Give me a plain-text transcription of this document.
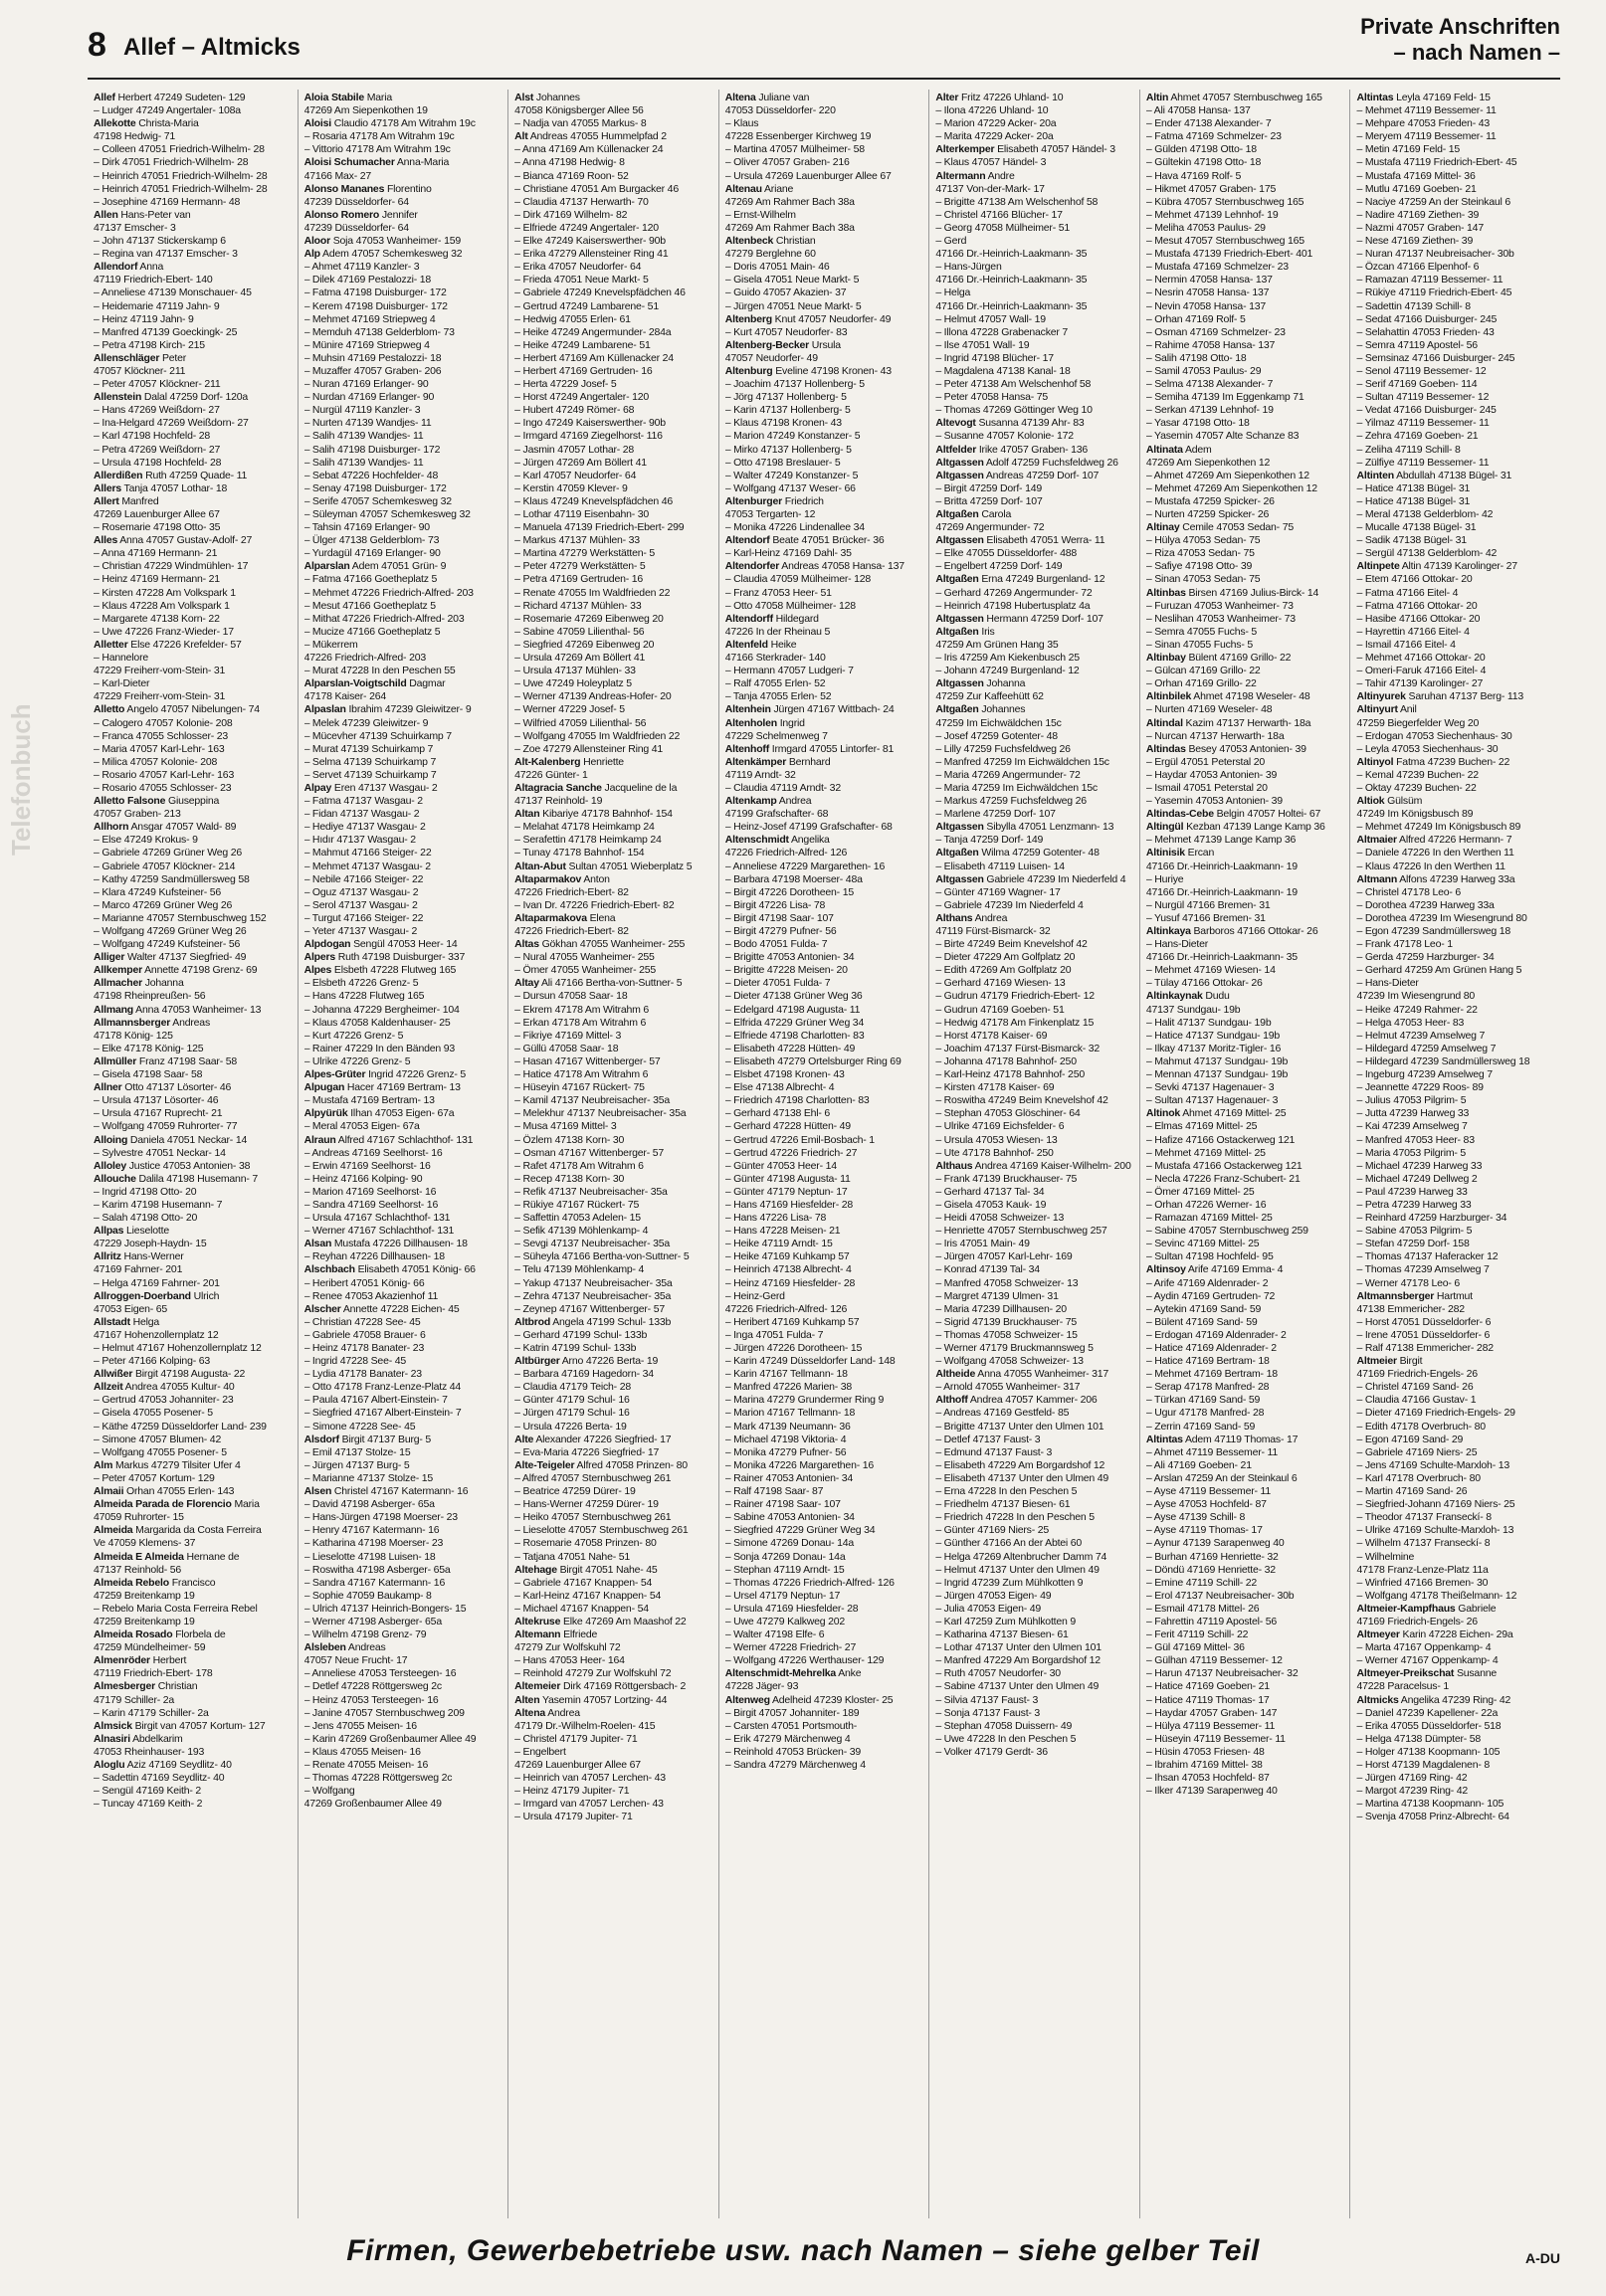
8 Allef – Altmicks
Private Anschriften
– nach Namen –
Telefonbuch
Allef Herbert 47249 Sudeten- 129
– Ludger 47249 Angertaler- 108a
Allekotte Christa-Maria
47198 Hedwig- 71
– Colleen 47051 Friedrich-Wilhelm- 28
– Dirk 47051 Friedrich-Wilhelm- 28
– Heinrich 47051 Friedrich-Wilhelm- 28
– Heinrich 47051 Friedrich-Wilhelm- 28
– Josephine 47169 Hermann- 48
Allen Hans-Peter van
47137 Emscher- 3
– John 47137 Stickerskamp 6
– Regina van 47137 Emscher- 3
Allendorf Anna
47119 Friedrich-Ebert- 140
– Anneliese 47139 Monschauer- 45
– Heidemarie 47119 Jahn- 9
– Heinz 47119 Jahn- 9
– Manfred 47139 Goeckingk- 25
– Petra 47198 Kirch- 215
Allenschläger Peter
47057 Klöckner- 211
– Peter 47057 Klöckner- 211
Allenstein Dalal 47259 Dorf- 120a
– Hans 47269 Weißdorn- 27
– Ina-Helgard 47269 Weißdorn- 27
– Karl 47198 Hochfeld- 28
– Petra 47269 Weißdorn- 27
– Ursula 47198 Hochfeld- 28
Allerdißen Ruth 47259 Quade- 11
Allers Tanja 47057 Lothar- 18
Allert Manfred
47269 Lauenburger Allee 67
– Rosemarie 47198 Otto- 35
Alles Anna 47057 Gustav-Adolf- 27
– Anna 47169 Hermann- 21
– Christian 47229 Windmühlen- 17
– Heinz 47169 Hermann- 21
– Kirsten 47228 Am Volkspark 1
– Klaus 47228 Am Volkspark 1
– Margarete 47138 Korn- 22
– Uwe 47226 Franz-Wieder- 17
Alletter Else 47226 Krefelder- 57
– Hannelore
47229 Freiherr-vom-Stein- 31
– Karl-Dieter
47229 Freiherr-vom-Stein- 31
Alletto Angelo 47057 Nibelungen- 74
– Calogero 47057 Kolonie- 208
– Franca 47055 Schlosser- 23
– Maria 47057 Karl-Lehr- 163
– Milica 47057 Kolonie- 208
– Rosario 47057 Karl-Lehr- 163
– Rosario 47055 Schlosser- 23
Alletto Falsone Giuseppina
47057 Graben- 213
Allhorn Ansgar 47057 Wald- 89
– Else 47249 Krokus- 9
– Gabriele 47269 Grüner Weg 26
– Gabriele 47057 Klöckner- 214
– Kathy 47259 Sandmüllersweg 58
– Klara 47249 Kufsteiner- 56
– Marco 47269 Grüner Weg 26
– Marianne 47057 Sternbuschweg 152
– Wolfgang 47269 Grüner Weg 26
– Wolfgang 47249 Kufsteiner- 56
Alliger Walter 47137 Siegfried- 49
Allkemper Annette 47198 Grenz- 69
Allmacher Johanna
47198 Rheinpreußen- 56
Allmang Anna 47053 Wanheimer- 13
Allmannsberger Andreas
47178 König- 125
– Elke 47178 König- 125
Allmüller Franz 47198 Saar- 58
– Gisela 47198 Saar- 58
Allner Otto 47137 Lösorter- 46
– Ursula 47137 Lösorter- 46
– Ursula 47167 Ruprecht- 21
– Wolfgang 47059 Ruhrorter- 77
Alloing Daniela 47051 Neckar- 14
– Sylvestre 47051 Neckar- 14
Alloley Justice 47053 Antonien- 38
Allouche Dalila 47198 Husemann- 7
– Ingrid 47198 Otto- 20
– Karim 47198 Husemann- 7
– Salah 47198 Otto- 20
Allpas Lieselotte
47229 Joseph-Haydn- 15
Allritz Hans-Werner
47169 Fahrner- 201
– Helga 47169 Fahrner- 201
Allroggen-Doerband Ulrich
47053 Eigen- 65
Allstadt Helga
47167 Hohenzollernplatz 12
– Helmut 47167 Hohenzollernplatz 12
– Peter 47166 Kolping- 63
Allwißer Birgit 47198 Augusta- 22
Allzeit Andrea 47055 Kultur- 40
– Gertrud 47053 Johanniter- 23
– Gisela 47055 Posener- 5
– Käthe 47259 Düsseldorfer Land- 239
– Simone 47057 Blumen- 42
– Wolfgang 47055 Posener- 5
Alm Markus 47279 Tilsiter Ufer 4
– Peter 47057 Kortum- 129
Almaii Orhan 47055 Erlen- 143
Almeida Parada de Florencio Maria
47059 Ruhrorter- 15
Almeida Margarida da Costa Ferreira
Ve 47059 Klemens- 37
Almeida E Almeida Hernane de
47137 Reinhold- 56
Almeida Rebelo Francisco
47259 Breitenkamp 19
– Rebelo Maria Costa Ferreira Rebel
47259 Breitenkamp 19
Almeida Rosado Florbela de
47259 Mündelheimer- 59
Almenröder Herbert
47119 Friedrich-Ebert- 178
Almesberger Christian
47179 Schiller- 2a
– Karin 47179 Schiller- 2a
Almsick Birgit van 47057 Kortum- 127
Alnasiri Abdelkarim
47053 Rheinhauser- 193
Aloglu Aziz 47169 Seydlitz- 40
– Sadettin 47169 Seydlitz- 40
– Sengül 47169 Keith- 2
– Tuncay 47169 Keith- 2
Aloia Stabile Maria
47269 Am Siepenkothen 19
Aloisi Claudio 47178 Am Witrahm 19c
– Rosaria 47178 Am Witrahm 19c
– Vittorio 47178 Am Witrahm 19c
Aloisi Schumacher Anna-Maria
47166 Max- 27
Alonso Mananes Florentino
47239 Düsseldorfer- 64
Alonso Romero Jennifer
47239 Düsseldorfer- 64
Aloor Soja 47053 Wanheimer- 159
Alp Adem 47057 Schemkesweg 32
– Ahmet 47119 Kanzler- 3
– Dilek 47169 Pestalozzi- 18
– Fatma 47198 Duisburger- 172
– Kerem 47198 Duisburger- 172
– Mehmet 47169 Striepweg 4
– Memduh 47138 Gelderblom- 73
– Münire 47169 Striepweg 4
– Muhsin 47169 Pestalozzi- 18
– Muzaffer 47057 Graben- 206
– Nuran 47169 Erlanger- 90
– Nurdan 47169 Erlanger- 90
– Nurgül 47119 Kanzler- 3
– Nurten 47139 Wandjes- 11
– Salih 47139 Wandjes- 11
– Salih 47198 Duisburger- 172
– Salih 47139 Wandjes- 11
– Sebat 47226 Hochfelder- 48
– Senay 47198 Duisburger- 172
– Serife 47057 Schemkesweg 32
– Süleyman 47057 Schemkesweg 32
– Tahsin 47169 Erlanger- 90
– Ülger 47138 Gelderblom- 73
– Yurdagül 47169 Erlanger- 90
Alparslan Adem 47051 Grün- 9
– Fatma 47166 Goetheplatz 5
– Mehmet 47226 Friedrich-Alfred- 203
– Mesut 47166 Goetheplatz 5
– Mithat 47226 Friedrich-Alfred- 203
– Mucize 47166 Goetheplatz 5
– Mükerrem
47226 Friedrich-Alfred- 203
– Murat 47228 In den Peschen 55
Alparslan-Voigtschild Dagmar
47178 Kaiser- 264
Alpaslan Ibrahim 47239 Gleiwitzer- 9
– Melek 47239 Gleiwitzer- 9
– Mücevher 47139 Schuirkamp 7
– Murat 47139 Schuirkamp 7
– Selma 47139 Schuirkamp 7
– Servet 47139 Schuirkamp 7
Alpay Eren 47137 Wasgau- 2
– Fatma 47137 Wasgau- 2
– Fidan 47137 Wasgau- 2
– Hediye 47137 Wasgau- 2
– Hıdır 47137 Wasgau- 2
– Mahmut 47166 Steiger- 22
– Mehmet 47137 Wasgau- 2
– Nebile 47166 Steiger- 22
– Oguz 47137 Wasgau- 2
– Serol 47137 Wasgau- 2
– Turgut 47166 Steiger- 22
– Yeter 47137 Wasgau- 2
Alpdogan Sengül 47053 Heer- 14
Alpers Ruth 47198 Duisburger- 337
Alpes Elsbeth 47228 Flutweg 165
– Elsbeth 47226 Grenz- 5
– Hans 47228 Flutweg 165
– Johanna 47229 Bergheimer- 104
– Klaus 47058 Kaldenhauser- 25
– Kurt 47226 Grenz- 5
– Rainer 47229 In den Bänden 93
– Ulrike 47226 Grenz- 5
Alpes-Grüter Ingrid 47226 Grenz- 5
Alpugan Hacer 47169 Bertram- 13
– Mustafa 47169 Bertram- 13
Alpyürük Ilhan 47053 Eigen- 67a
– Meral 47053 Eigen- 67a
Alraun Alfred 47167 Schlachthof- 131
– Andreas 47169 Seelhorst- 16
– Erwin 47169 Seelhorst- 16
– Heinz 47166 Kolping- 90
– Marion 47169 Seelhorst- 16
– Sandra 47169 Seelhorst- 16
– Ursula 47167 Schlachthof- 131
– Werner 47167 Schlachthof- 131
Alsan Mustafa 47226 Dillhausen- 18
– Reyhan 47226 Dillhausen- 18
Alschbach Elisabeth 47051 König- 66
– Heribert 47051 König- 66
– Renee 47053 Akazienhof 11
Alscher Annette 47228 Eichen- 45
– Christian 47228 See- 45
– Gabriele 47058 Brauer- 6
– Heinz 47178 Banater- 23
– Ingrid 47228 See- 45
– Lydia 47178 Banater- 23
– Otto 47178 Franz-Lenze-Platz 44
– Paula 47167 Albert-Einstein- 7
– Siegfried 47167 Albert-Einstein- 7
– Simone 47228 See- 45
Alsdorf Birgit 47137 Burg- 5
– Emil 47137 Stolze- 15
– Jürgen 47137 Burg- 5
– Marianne 47137 Stolze- 15
Alsen Christel 47167 Katermann- 16
– David 47198 Asberger- 65a
– Hans-Jürgen 47198 Moerser- 23
– Henry 47167 Katermann- 16
– Katharina 47198 Moerser- 23
– Lieselotte 47198 Luisen- 18
– Roswitha 47198 Asberger- 65a
– Sandra 47167 Katermann- 16
– Sophie 47059 Baukamp- 8
– Ulrich 47137 Heinrich-Bongers- 15
– Werner 47198 Asberger- 65a
– Wilhelm 47198 Grenz- 79
Alsleben Andreas
47057 Neue Frucht- 17
– Anneliese 47053 Tersteegen- 16
– Detlef 47228 Röttgersweg 2c
– Heinz 47053 Tersteegen- 16
– Janine 47057 Sternbuschweg 209
– Jens 47055 Meisen- 16
– Karin 47269 Großenbaumer Allee 49
– Klaus 47055 Meisen- 16
– Renate 47055 Meisen- 16
– Thomas 47228 Röttgersweg 2c
– Wolfgang
47269 Großenbaumer Allee 49
Alst Johannes
47058 Königsberger Allee 56
– Nadja van 47055 Markus- 8
Alt Andreas 47055 Hummelpfad 2
– Anna 47169 Am Küllenacker 24
– Anna 47198 Hedwig- 8
– Bianca 47169 Roon- 52
– Christiane 47051 Am Burgacker 46
– Claudia 47137 Herwarth- 70
– Dirk 47169 Wilhelm- 82
– Elfriede 47249 Angertaler- 120
– Elke 47249 Kaiserswerther- 90b
– Erika 47279 Allensteiner Ring 41
– Erika 47057 Neudorfer- 64
– Frieda 47051 Neue Markt- 5
– Gabriele 47249 Knevelspfädchen 46
– Gertrud 47249 Lambarene- 51
– Hedwig 47055 Erlen- 61
– Heike 47249 Angermunder- 284a
– Heike 47249 Lambarene- 51
– Herbert 47169 Am Küllenacker 24
– Herbert 47169 Gertruden- 16
– Herta 47229 Josef- 5
– Horst 47249 Angertaler- 120
– Hubert 47249 Römer- 68
– Ingo 47249 Kaiserswerther- 90b
– Irmgard 47169 Ziegelhorst- 116
– Jasmin 47057 Lothar- 28
– Jürgen 47269 Am Böllert 41
– Karl 47057 Neudorfer- 64
– Kerstin 47059 Klever- 9
– Klaus 47249 Knevelspfädchen 46
– Lothar 47119 Eisenbahn- 30
– Manuela 47139 Friedrich-Ebert- 299
– Markus 47137 Mühlen- 33
– Martina 47279 Werkstätten- 5
– Peter 47279 Werkstätten- 5
– Petra 47169 Gertruden- 16
– Renate 47055 Im Waldfrieden 22
– Richard 47137 Mühlen- 33
– Rosemarie 47269 Eibenweg 20
– Sabine 47059 Lilienthal- 56
– Siegfried 47269 Eibenweg 20
– Ursula 47269 Am Böllert 41
– Ursula 47137 Mühlen- 33
– Uwe 47249 Holeyplatz 5
– Werner 47139 Andreas-Hofer- 20
– Werner 47229 Josef- 5
– Wilfried 47059 Lilienthal- 56
– Wolfgang 47055 Im Waldfrieden 22
– Zoe 47279 Allensteiner Ring 41
Alt-Kalenberg Henriette
47226 Günter- 1
Altagracia Sanche Jacqueline de la
47137 Reinhold- 19
Altan Kibariye 47178 Bahnhof- 154
– Melahat 47178 Heimkamp 24
– Serafettin 47178 Heimkamp 24
– Tunay 47178 Bahnhof- 154
Altan-Abut Sultan 47051 Wieberplatz 5
Altaparmakov Anton
47226 Friedrich-Ebert- 82
– Ivan Dr. 47226 Friedrich-Ebert- 82
Altaparmakova Elena
47226 Friedrich-Ebert- 82
Altas Gökhan 47055 Wanheimer- 255
– Nural 47055 Wanheimer- 255
– Ömer 47055 Wanheimer- 255
Altay Ali 47166 Bertha-von-Suttner- 5
– Dursun 47058 Saar- 18
– Ekrem 47178 Am Witrahm 6
– Erkan 47178 Am Witrahm 6
– Fikriye 47169 Mittel- 3
– Güllü 47058 Saar- 18
– Hasan 47167 Wittenberger- 57
– Hatice 47178 Am Witrahm 6
– Hüseyin 47167 Rückert- 75
– Kamil 47137 Neubreisacher- 35a
– Melekhur 47137 Neubreisacher- 35a
– Musa 47169 Mittel- 3
– Özlem 47138 Korn- 30
– Osman 47167 Wittenberger- 57
– Rafet 47178 Am Witrahm 6
– Recep 47138 Korn- 30
– Refik 47137 Neubreisacher- 35a
– Rükiye 47167 Rückert- 75
– Saffettin 47053 Adelen- 15
– Sefik 47139 Möhlenkamp- 4
– Sevgi 47137 Neubreisacher- 35a
– Süheyla 47166 Bertha-von-Suttner- 5
– Telu 47139 Möhlenkamp- 4
– Yakup 47137 Neubreisacher- 35a
– Zehra 47137 Neubreisacher- 35a
– Zeynep 47167 Wittenberger- 57
Altbrod Angela 47199 Schul- 133b
– Gerhard 47199 Schul- 133b
– Katrin 47199 Schul- 133b
Altbürger Arno 47226 Berta- 19
– Barbara 47169 Hagedorn- 34
– Claudia 47179 Teich- 28
– Günter 47179 Schul- 16
– Jürgen 47179 Schul- 16
– Ursula 47226 Berta- 19
Alte Alexander 47226 Siegfried- 17
– Eva-Maria 47226 Siegfried- 17
Alte-Teigeler Alfred 47058 Prinzen- 80
– Alfred 47057 Sternbuschweg 261
– Beatrice 47259 Dürer- 19
– Hans-Werner 47259 Dürer- 19
– Heiko 47057 Sternbuschweg 261
– Lieselotte 47057 Sternbuschweg 261
– Rosemarie 47058 Prinzen- 80
– Tatjana 47051 Nahe- 51
Altehage Birgit 47051 Nahe- 45
– Gabriele 47167 Knappen- 54
– Karl-Heinz 47167 Knappen- 54
– Michael 47167 Knappen- 54
Altekruse Elke 47269 Am Maashof 22
Altemann Elfriede
47279 Zur Wolfskuhl 72
– Hans 47053 Heer- 164
– Reinhold 47279 Zur Wolfskuhl 72
Altemeier Dirk 47169 Röttgersbach- 2
Alten Yasemin 47057 Lortzing- 44
Altena Andrea
47179 Dr.-Wilhelm-Roelen- 415
– Christel 47179 Jupiter- 71
– Engelbert
47269 Lauenburger Allee 67
– Heinrich van 47057 Lerchen- 43
– Heinz 47179 Jupiter- 71
– Irmgard van 47057 Lerchen- 43
– Ursula 47179 Jupiter- 71
Altena Juliane van
47053 Düsseldorfer- 220
– Klaus
47228 Essenberger Kirchweg 19
– Martina 47057 Mülheimer- 58
– Oliver 47057 Graben- 216
– Ursula 47269 Lauenburger Allee 67
Altenau Ariane
47269 Am Rahmer Bach 38a
– Ernst-Wilhelm
47269 Am Rahmer Bach 38a
Altenbeck Christian
47279 Berglehne 60
– Doris 47051 Main- 46
– Gisela 47051 Neue Markt- 5
– Guido 47057 Akazien- 37
– Jürgen 47051 Neue Markt- 5
Altenberg Knut 47057 Neudorfer- 49
– Kurt 47057 Neudorfer- 83
Altenberg-Becker Ursula
47057 Neudorfer- 49
Altenburg Eveline 47198 Kronen- 43
– Joachim 47137 Hollenberg- 5
– Jörg 47137 Hollenberg- 5
– Karin 47137 Hollenberg- 5
– Klaus 47198 Kronen- 43
– Marion 47249 Konstanzer- 5
– Mirko 47137 Hollenberg- 5
– Otto 47198 Breslauer- 5
– Walter 47249 Konstanzer- 5
– Wolfgang 47137 Weser- 66
Altenburger Friedrich
47053 Tergarten- 12
– Monika 47226 Lindenallee 34
Altendorf Beate 47051 Brücker- 36
– Karl-Heinz 47169 Dahl- 35
Altendorfer Andreas 47058 Hansa- 137
– Claudia 47059 Mülheimer- 128
– Franz 47053 Heer- 51
– Otto 47058 Mülheimer- 128
Altendorff Hildegard
47226 In der Rheinau 5
Altenfeld Heike
47166 Sterkrader- 140
– Hermann 47057 Ludgeri- 7
– Ralf 47055 Erlen- 52
– Tanja 47055 Erlen- 52
Altenhein Jürgen 47167 Wittbach- 24
Altenholen Ingrid
47229 Schelmenweg 7
Altenhoff Irmgard 47055 Lintorfer- 81
Altenkämper Bernhard
47119 Arndt- 32
– Claudia 47119 Arndt- 32
Altenkamp Andrea
47199 Grafschafter- 68
– Heinz-Josef 47199 Grafschafter- 68
Altenschmidt Angelika
47226 Friedrich-Alfred- 126
– Anneliese 47229 Margarethen- 16
– Barbara 47198 Moerser- 48a
– Birgit 47226 Dorotheen- 15
– Birgit 47226 Lisa- 78
– Birgit 47198 Saar- 107
– Birgit 47279 Pufner- 56
– Bodo 47051 Fulda- 7
– Brigitte 47053 Antonien- 34
– Brigitte 47228 Meisen- 20
– Dieter 47051 Fulda- 7
– Dieter 47138 Grüner Weg 36
– Edelgard 47198 Augusta- 11
– Elfrida 47229 Grüner Weg 34
– Elfriede 47198 Charlotten- 83
– Elisabeth 47228 Hütten- 49
– Elisabeth 47279 Ortelsburger Ring 69
– Elsbet 47198 Kronen- 43
– Else 47138 Albrecht- 4
– Friedrich 47198 Charlotten- 83
– Gerhard 47138 Ehl- 6
– Gerhard 47228 Hütten- 49
– Gertrud 47226 Emil-Bosbach- 1
– Gertrud 47226 Friedrich- 27
– Günter 47053 Heer- 14
– Günter 47198 Augusta- 11
– Günter 47179 Neptun- 17
– Hans 47169 Hiesfelder- 28
– Hans 47226 Lisa- 78
– Hans 47228 Meisen- 21
– Heike 47119 Arndt- 15
– Heike 47169 Kuhkamp 57
– Heinrich 47138 Albrecht- 4
– Heinz 47169 Hiesfelder- 28
– Heinz-Gerd
47226 Friedrich-Alfred- 126
– Heribert 47169 Kuhkamp 57
– Inga 47051 Fulda- 7
– Jürgen 47226 Dorotheen- 15
– Karin 47249 Düsseldorfer Land- 148
– Karin 47167 Tellmann- 18
– Manfred 47226 Marien- 38
– Marina 47279 Grundermer Ring 9
– Marion 47167 Tellmann- 18
– Mark 47139 Neumann- 36
– Michael 47198 Viktoria- 4
– Monika 47279 Pufner- 56
– Monika 47226 Margarethen- 16
– Rainer 47053 Antonien- 34
– Ralf 47198 Saar- 87
– Rainer 47198 Saar- 107
– Sabine 47053 Antonien- 34
– Siegfried 47229 Grüner Weg 34
– Simone 47269 Donau- 14a
– Sonja 47269 Donau- 14a
– Stephan 47119 Arndt- 15
– Thomas 47226 Friedrich-Alfred- 126
– Ursel 47179 Neptun- 17
– Ursula 47169 Hiesfelder- 28
– Uwe 47279 Kalkweg 202
– Walter 47198 Elfe- 6
– Werner 47228 Friedrich- 27
– Wolfgang 47226 Werthauser- 129
Altenschmidt-Mehrelka Anke
47228 Jäger- 93
Altenweg Adelheid 47239 Kloster- 25
– Birgit 47057 Johanniter- 189
– Carsten 47051 Portsmouth-
– Erik 47279 Märchenweg 4
– Reinhold 47053 Brücken- 39
– Sandra 47279 Märchenweg 4
Alter Fritz 47226 Uhland- 10
– Ilona 47226 Uhland- 10
– Marion 47229 Acker- 20a
– Marita 47229 Acker- 20a
Alterkemper Elisabeth 47057 Händel- 3
– Klaus 47057 Händel- 3
Altermann Andre
47137 Von-der-Mark- 17
– Brigitte 47138 Am Welschenhof 58
– Christel 47166 Blücher- 17
– Georg 47058 Mülheimer- 51
– Gerd
47166 Dr.-Heinrich-Laakmann- 35
– Hans-Jürgen
47166 Dr.-Heinrich-Laakmann- 35
– Helga
47166 Dr.-Heinrich-Laakmann- 35
– Helmut 47057 Wall- 19
– Illona 47228 Grabenacker 7
– Ilse 47051 Wall- 19
– Ingrid 47198 Blücher- 17
– Magdalena 47138 Kanal- 18
– Peter 47138 Am Welschenhof 58
– Peter 47058 Hansa- 75
– Thomas 47269 Göttinger Weg 10
Altevogt Susanna 47139 Ahr- 83
– Susanne 47057 Kolonie- 172
Altfelder Irike 47057 Graben- 136
Altgassen Adolf 47259 Fuchsfeldweg 26
Altgassen Andreas 47259 Dorf- 107
– Birgit 47259 Dorf- 149
– Britta 47259 Dorf- 107
Altgaßen Carola
47269 Angermunder- 72
Altgassen Elisabeth 47051 Werra- 11
– Elke 47055 Düsseldorfer- 488
– Engelbert 47259 Dorf- 149
Altgaßen Erna 47249 Burgenland- 12
– Gerhard 47269 Angermunder- 72
– Heinrich 47198 Hubertusplatz 4a
Altgassen Hermann 47259 Dorf- 107
Altgaßen Iris
47259 Am Grünen Hang 35
– Iris 47259 Am Kiekenbusch 25
– Johann 47249 Burgenland- 12
Altgassen Johanna
47259 Zur Kaffeehütt 62
Altgaßen Johannes
47259 Im Eichwäldchen 15c
– Josef 47259 Gotenter- 48
– Lilly 47259 Fuchsfeldweg 26
– Manfred 47259 Im Eichwäldchen 15c
– Maria 47269 Angermunder- 72
– Maria 47259 Im Eichwäldchen 15c
– Markus 47259 Fuchsfeldweg 26
– Marlene 47259 Dorf- 107
Altgassen Sibylla 47051 Lenzmann- 13
– Tanja 47259 Dorf- 149
Altgaßen Wilma 47259 Gotenter- 48
– Elisabeth 47119 Luisen- 14
Altgassen Gabriele 47239 Im Niederfeld 4
– Günter 47169 Wagner- 17
– Gabriele 47239 Im Niederfeld 4
Althans Andrea
47119 Fürst-Bismarck- 32
– Birte 47249 Beim Knevelshof 42
– Dieter 47229 Am Golfplatz 20
– Edith 47269 Am Golfplatz 20
– Gerhard 47169 Wiesen- 13
– Gudrun 47179 Friedrich-Ebert- 12
– Gudrun 47169 Goeben- 51
– Hedwig 47178 Am Finkenplatz 15
– Horst 47178 Kaiser- 69
– Joachim 47137 Fürst-Bismarck- 32
– Johanna 47178 Bahnhof- 250
– Karl-Heinz 47178 Bahnhof- 250
– Kirsten 47178 Kaiser- 69
– Roswitha 47249 Beim Knevelshof 42
– Stephan 47053 Glöschiner- 64
– Ulrike 47169 Eichsfelder- 6
– Ursula 47053 Wiesen- 13
– Ute 47178 Bahnhof- 250
Althaus Andrea 47169 Kaiser-Wilhelm- 200
– Frank 47139 Bruckhauser- 75
– Gerhard 47137 Tal- 34
– Gisela 47053 Kauk- 19
– Heidi 47058 Schweizer- 13
– Henriette 47057 Sternbuschweg 257
– Iris 47051 Main- 49
– Jürgen 47057 Karl-Lehr- 169
– Konrad 47139 Tal- 34
– Manfred 47058 Schweizer- 13
– Margret 47139 Ulmen- 31
– Maria 47239 Dillhausen- 20
– Sigrid 47139 Bruckhauser- 75
– Thomas 47058 Schweizer- 15
– Werner 47179 Bruckmannsweg 5
– Wolfgang 47058 Schweizer- 13
Altheide Anna 47055 Wanheimer- 317
– Arnold 47055 Wanheimer- 317
Althoff Andrea 47057 Kammer- 206
– Andreas 47169 Gestfeld- 85
– Brigitte 47137 Unter den Ulmen 101
– Detlef 47137 Faust- 3
– Edmund 47137 Faust- 3
– Elisabeth 47229 Am Borgardshof 12
– Elisabeth 47137 Unter den Ulmen 49
– Erna 47228 In den Peschen 5
– Friedhelm 47137 Biesen- 61
– Friedrich 47228 In den Peschen 5
– Günter 47169 Niers- 25
– Günther 47166 An der Abtei 60
– Helga 47269 Altenbrucher Damm 74
– Helmut 47137 Unter den Ulmen 49
– Ingrid 47239 Zum Mühlkotten 9
– Jürgen 47053 Eigen- 49
– Julia 47053 Eigen- 49
– Karl 47259 Zum Mühlkotten 9
– Katharina 47137 Biesen- 61
– Lothar 47137 Unter den Ulmen 101
– Manfred 47229 Am Borgardshof 12
– Ruth 47057 Neudorfer- 30
– Sabine 47137 Unter den Ulmen 49
– Silvia 47137 Faust- 3
– Sonja 47137 Faust- 3
– Stephan 47058 Duissern- 49
– Uwe 47228 In den Peschen 5
– Volker 47179 Gerdt- 36
Altin Ahmet 47057 Sternbuschweg 165
– Ali 47058 Hansa- 137
– Ender 47138 Alexander- 7
– Fatma 47169 Schmelzer- 23
– Gülden 47198 Otto- 18
– Gültekin 47198 Otto- 18
– Hava 47169 Rolf- 5
– Hikmet 47057 Graben- 175
– Kübra 47057 Sternbuschweg 165
– Mehmet 47139 Lehnhof- 19
– Meliha 47053 Paulus- 29
– Mesut 47057 Sternbuschweg 165
– Mustafa 47139 Friedrich-Ebert- 401
– Mustafa 47169 Schmelzer- 23
– Nermin 47058 Hansa- 137
– Nesrin 47058 Hansa- 137
– Nevin 47058 Hansa- 137
– Orhan 47169 Rolf- 5
– Osman 47169 Schmelzer- 23
– Rahime 47058 Hansa- 137
– Salih 47198 Otto- 18
– Samil 47053 Paulus- 29
– Selma 47138 Alexander- 7
– Semiha 47139 Im Eggenkamp 71
– Serkan 47139 Lehnhof- 19
– Yasar 47198 Otto- 18
– Yasemin 47057 Alte Schanze 83
Altinata Adem
47269 Am Siepenkothen 12
– Ahmet 47269 Am Siepenkothen 12
– Mehmet 47269 Am Siepenkothen 12
– Mustafa 47259 Spicker- 26
– Nurten 47259 Spicker- 26
Altinay Cemile 47053 Sedan- 75
– Hülya 47053 Sedan- 75
– Riza 47053 Sedan- 75
– Safiye 47198 Otto- 39
– Sinan 47053 Sedan- 75
Altinbas Birsen 47169 Julius-Birck- 14
– Furuzan 47053 Wanheimer- 73
– Neslihan 47053 Wanheimer- 73
– Semra 47055 Fuchs- 5
– Sinan 47055 Fuchs- 5
Altinbay Bülent 47169 Grillo- 22
– Gülcan 47169 Grillo- 22
– Orhan 47169 Grillo- 22
Altinbilek Ahmet 47198 Weseler- 48
– Nurten 47169 Weseler- 48
Altindal Kazim 47137 Herwarth- 18a
– Nurcan 47137 Herwarth- 18a
Altindas Besey 47053 Antonien- 39
– Ergül 47051 Peterstal 20
– Haydar 47053 Antonien- 39
– Ismail 47051 Peterstal 20
– Yasemin 47053 Antonien- 39
Altindas-Cebe Belgin 47057 Holtei- 67
Altingül Kezban 47139 Lange Kamp 36
– Mehmet 47139 Lange Kamp 36
Altinisik Ercan
47166 Dr.-Heinrich-Laakmann- 19
– Huriye
47166 Dr.-Heinrich-Laakmann- 19
– Nurgül 47166 Bremen- 31
– Yusuf 47166 Bremen- 31
Altinkaya Barboros 47166 Ottokar- 26
– Hans-Dieter
47166 Dr.-Heinrich-Laakmann- 35
– Mehmet 47169 Wiesen- 14
– Tülay 47166 Ottokar- 26
Altinkaynak Dudu
47137 Sundgau- 19b
– Halit 47137 Sundgau- 19b
– Hatice 47137 Sundgau- 19b
– Ilkay 47137 Moritz-Tigler- 16
– Mahmut 47137 Sundgau- 19b
– Mennan 47137 Sundgau- 19b
– Sevki 47137 Hagenauer- 3
– Sultan 47137 Hagenauer- 3
Altinok Ahmet 47169 Mittel- 25
– Elmas 47169 Mittel- 25
– Hafize 47166 Ostackerweg 121
– Mehmet 47169 Mittel- 25
– Mustafa 47166 Ostackerweg 121
– Necla 47226 Franz-Schubert- 21
– Ömer 47169 Mittel- 25
– Orhan 47226 Werner- 16
– Ramazan 47169 Mittel- 25
– Sabine 47057 Sternbuschweg 259
– Sevinc 47169 Mittel- 25
– Sultan 47198 Hochfeld- 95
Altinsoy Arife 47169 Emma- 4
– Arife 47169 Aldenrader- 2
– Aydin 47169 Gertruden- 72
– Aytekin 47169 Sand- 59
– Bülent 47169 Sand- 59
– Erdogan 47169 Aldenrader- 2
– Hatice 47169 Aldenrader- 2
– Hatice 47169 Bertram- 18
– Mehmet 47169 Bertram- 18
– Serap 47178 Manfred- 28
– Türkan 47169 Sand- 59
– Ugur 47178 Manfred- 28
– Zerrin 47169 Sand- 59
Altintas Adem 47119 Thomas- 17
– Ahmet 47119 Bessemer- 11
– Ali 47169 Goeben- 21
– Arslan 47259 An der Steinkaul 6
– Ayse 47119 Bessemer- 11
– Ayse 47053 Hochfeld- 87
– Ayse 47139 Schill- 8
– Ayse 47119 Thomas- 17
– Aynur 47139 Sarapenweg 40
– Burhan 47169 Henriette- 32
– Döndü 47169 Henriette- 32
– Emine 47119 Schill- 22
– Erol 47137 Neubreisacher- 30b
– Esmail 47178 Mittel- 26
– Fahrettin 47119 Apostel- 56
– Ferit 47119 Schill- 22
– Gül 47169 Mittel- 36
– Gülhan 47119 Bessemer- 12
– Harun 47137 Neubreisacher- 32
– Hatice 47169 Goeben- 21
– Hatice 47119 Thomas- 17
– Haydar 47057 Graben- 147
– Hülya 47119 Bessemer- 11
– Hüseyin 47119 Bessemer- 11
– Hüsin 47053 Friesen- 48
– Ibrahim 47169 Mittel- 38
– Ihsan 47053 Hochfeld- 87
– Ilker 47139 Sarapenweg 40
Altintas Leyla 47169 Feld- 15
– Mehmet 47119 Bessemer- 11
– Mehpare 47053 Frieden- 43
– Meryem 47119 Bessemer- 11
– Metin 47169 Feld- 15
– Mustafa 47119 Friedrich-Ebert- 45
– Mustafa 47169 Mittel- 36
– Mutlu 47169 Goeben- 21
– Naciye 47259 An der Steinkaul 6
– Nadire 47169 Ziethen- 39
– Nazmi 47057 Graben- 147
– Nese 47169 Ziethen- 39
– Nuran 47137 Neubreisacher- 30b
– Özcan 47166 Elpenhof- 6
– Ramazan 47119 Bessemer- 11
– Rükiye 47119 Friedrich-Ebert- 45
– Sadettin 47139 Schill- 8
– Sedat 47166 Duisburger- 245
– Selahattin 47053 Frieden- 43
– Semra 47119 Apostel- 56
– Semsinaz 47166 Duisburger- 245
– Senol 47119 Bessemer- 12
– Serif 47169 Goeben- 114
– Sultan 47119 Bessemer- 12
– Vedat 47166 Duisburger- 245
– Yilmaz 47119 Bessemer- 11
– Zehra 47169 Goeben- 21
– Zeliha 47119 Schill- 8
– Zülfiye 47119 Bessemer- 11
Altinten Abdullah 47138 Bügel- 31
– Hatice 47138 Bügel- 31
– Hatice 47138 Bügel- 31
– Meral 47138 Gelderblom- 42
– Mucalle 47138 Bügel- 31
– Sadik 47138 Bügel- 31
– Sergül 47138 Gelderblom- 42
Altinpete Altin 47139 Karolinger- 27
– Etem 47166 Ottokar- 20
– Fatma 47166 Eitel- 4
– Fatma 47166 Ottokar- 20
– Hasibe 47166 Ottokar- 20
– Hayrettin 47166 Eitel- 4
– Ismail 47166 Eitel- 4
– Mehmet 47166 Ottokar- 20
– Omeri-Faruk 47166 Eitel- 4
– Tahir 47139 Karolinger- 27
Altinyurek Saruhan 47137 Berg- 113
Altinyurt Anil
47259 Biegerfelder Weg 20
– Erdogan 47053 Siechenhaus- 30
– Leyla 47053 Siechenhaus- 30
Altinyol Fatma 47239 Buchen- 22
– Kemal 47239 Buchen- 22
– Oktay 47239 Buchen- 22
Altiok Gülsüm
47249 Im Königsbusch 89
– Mehmet 47249 Im Königsbusch 89
Altmaier Alfred 47226 Hermann- 7
– Daniele 47226 In den Werthen 11
– Klaus 47226 In den Werthen 11
Altmann Alfons 47239 Harweg 33a
– Christel 47178 Leo- 6
– Dorothea 47239 Harweg 33a
– Dorothea 47239 Im Wiesengrund 80
– Egon 47239 Sandmüllersweg 18
– Frank 47178 Leo- 1
– Gerda 47259 Harzburger- 34
– Gerhard 47259 Am Grünen Hang 5
– Hans-Dieter
47239 Im Wiesengrund 80
– Heike 47249 Rahmer- 22
– Helga 47053 Heer- 83
– Helmut 47239 Amselweg 7
– Hildegard 47259 Amselweg 7
– Hildegard 47239 Sandmüllersweg 18
– Ingeburg 47239 Amselweg 7
– Jeannette 47229 Roos- 89
– Julius 47053 Pilgrim- 5
– Jutta 47239 Harweg 33
– Kai 47239 Amselweg 7
– Manfred 47053 Heer- 83
– Maria 47053 Pilgrim- 5
– Michael 47239 Harweg 33
– Michael 47249 Dellweg 2
– Paul 47239 Harweg 33
– Petra 47239 Harweg 33
– Reinhard 47259 Harzburger- 34
– Sabine 47053 Pilgrim- 5
– Stefan 47259 Dorf- 158
– Thomas 47137 Haferacker 12
– Thomas 47239 Amselweg 7
– Werner 47178 Leo- 6
Altmannsberger Hartmut
47138 Emmericher- 282
– Horst 47051 Düsseldorfer- 6
– Irene 47051 Düsseldorfer- 6
– Ralf 47138 Emmericher- 282
Altmeier Birgit
47169 Friedrich-Engels- 26
– Christel 47169 Sand- 26
– Claudia 47166 Gustav- 1
– Dieter 47169 Friedrich-Engels- 29
– Edith 47178 Overbruch- 80
– Egon 47169 Sand- 29
– Gabriele 47169 Niers- 25
– Jens 47169 Schulte-Marxloh- 13
– Karl 47178 Overbruch- 80
– Martin 47169 Sand- 26
– Siegfried-Johann 47169 Niers- 25
– Theodor 47137 Franseckí- 8
– Ulrike 47169 Schulte-Marxloh- 13
– Wilhelm 47137 Franseckí- 8
– Wilhelmine
47178 Franz-Lenze-Platz 11a
– Winfried 47166 Bremen- 30
– Wolfgang 47178 Theißelmann- 12
Altmeier-Kampfhaus Gabriele
47169 Friedrich-Engels- 26
Altmeyer Karin 47228 Eichen- 29a
– Marta 47167 Oppenkamp- 4
– Werner 47167 Oppenkamp- 4
Altmeyer-Preikschat Susanne
47228 Paracelsus- 1
Altmicks Angelika 47239 Ring- 42
– Daniel 47239 Kapellener- 22a
– Erika 47055 Düsseldorfer- 518
– Helga 47138 Dümpter- 58
– Holger 47138 Koopmann- 105
– Horst 47139 Magdalenen- 8
– Jürgen 47169 Ring- 42
– Margot 47239 Ring- 42
– Martina 47138 Koopmann- 105
– Svenja 47058 Prinz-Albrecht- 64
Firmen, Gewerbebetriebe usw. nach Namen – siehe gelber Teil	A-DU
